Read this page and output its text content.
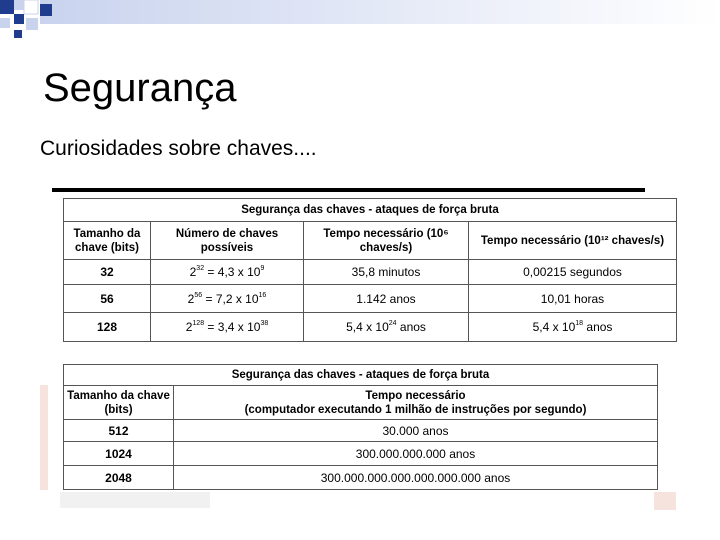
Segurança
Curiosidades sobre chaves....
Segurança das chaves - ataques de força bruta			
Tamanho da chave (bits)	Número de chaves possíveis	Tempo necessário (10⁶ chaves/s)	Tempo necessário (10¹² chaves/s)
32	$2^{32} = 4,3$ x $10^9$	35,8 minutos	0,00215 segundos
56	$2^{56} = 7,2$ x $10^{16}$	1.142 anos	10,01 horas
128	$2^{128} = 3,4$ x $10^{38}$	5,4 x $10^{24}$ anos	5,4 x $10^{18}$ anos
Segurança das chaves - ataques de força bruta	
Tamanho da chave (bits)	Tempo necessário
(computador executando 1 milhão de instruções por segundo)

512	30.000 anos
1024	300.000.000.000 anos
2048	300.000.000.000.000.000.000 anos
